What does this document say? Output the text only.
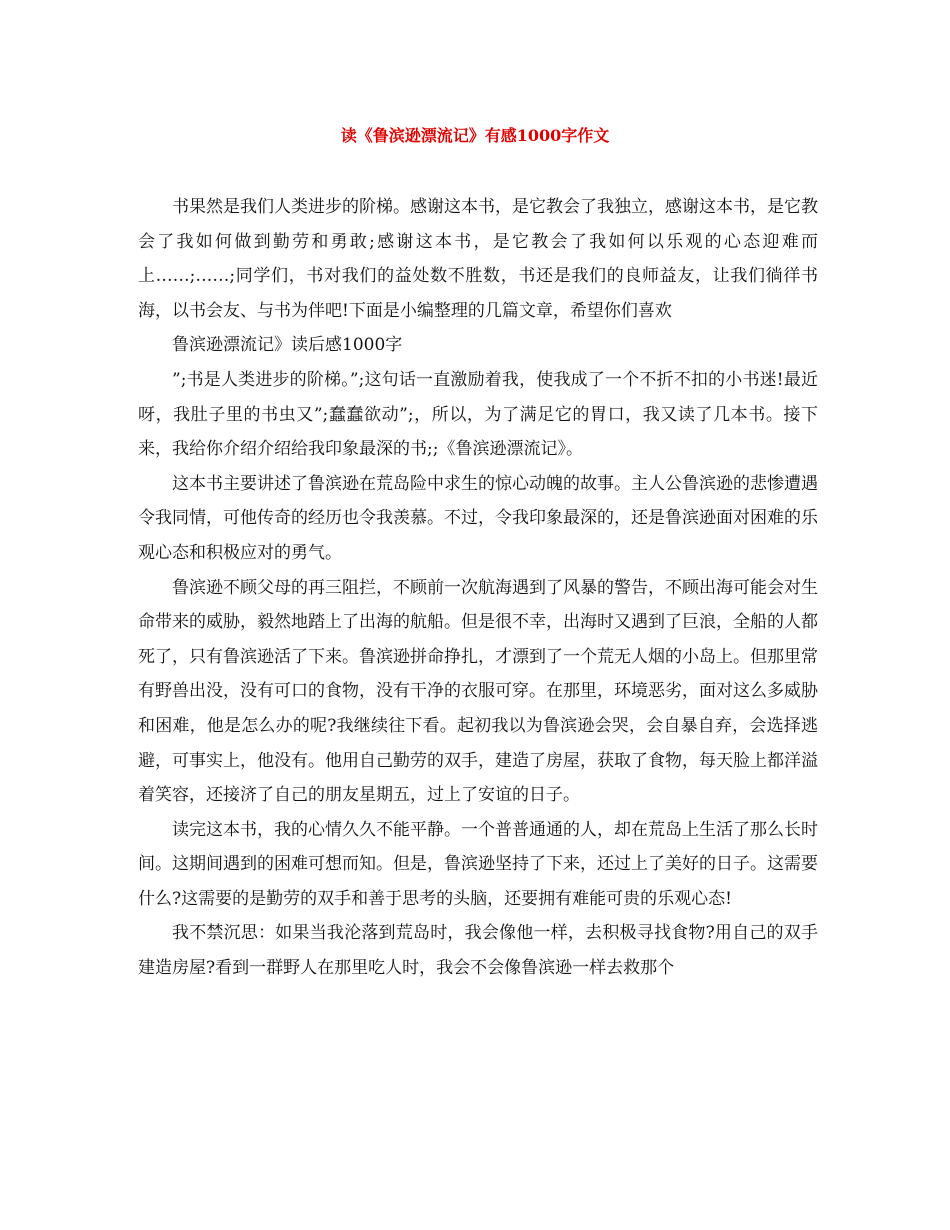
读《鲁滨逊漂流记》有感1000字作文

书果然是我们人类进步的阶梯。感谢这本书，是它教会了我独立，感谢这本书，是它教会了我如何做到勤劳和勇敢;感谢这本书，是它教会了我如何以乐观的心态迎难而上……;……;同学们，书对我们的益处数不胜数，书还是我们的良师益友，让我们徜徉书海，以书会友、与书为伴吧!下面是小编整理的几篇文章，希望你们喜欢

鲁滨逊漂流记》读后感1000字

”;书是人类进步的阶梯。”;这句话一直激励着我，使我成了一个不折不扣的小书迷!最近呀，我肚子里的书虫又”;蠢蠢欲动”;，所以，为了满足它的胃口，我又读了几本书。接下来，我给你介绍介绍给我印象最深的书;;《鲁滨逊漂流记》。

这本书主要讲述了鲁滨逊在荒岛险中求生的惊心动魄的故事。主人公鲁滨逊的悲惨遭遇令我同情，可他传奇的经历也令我羡慕。不过，令我印象最深的，还是鲁滨逊面对困难的乐观心态和积极应对的勇气。

鲁滨逊不顾父母的再三阻拦，不顾前一次航海遇到了风暴的警告，不顾出海可能会对生命带来的威胁，毅然地踏上了出海的航船。但是很不幸，出海时又遇到了巨浪，全船的人都死了，只有鲁滨逊活了下来。鲁滨逊拼命挣扎，才漂到了一个荒无人烟的小岛上。但那里常有野兽出没，没有可口的食物，没有干净的衣服可穿。在那里，环境恶劣，面对这么多威胁和困难，他是怎么办的呢?我继续往下看。起初我以为鲁滨逊会哭，会自暴自弃，会选择逃避，可事实上，他没有。他用自己勤劳的双手，建造了房屋，获取了食物，每天脸上都洋溢着笑容，还接济了自己的朋友星期五，过上了安谊的日子。

读完这本书，我的心情久久不能平静。一个普普通通的人，却在荒岛上生活了那么长时间。这期间遇到的困难可想而知。但是，鲁滨逊坚持了下来，还过上了美好的日子。这需要什么?这需要的是勤劳的双手和善于思考的头脑，还要拥有难能可贵的乐观心态!

我不禁沉思：如果当我沦落到荒岛时，我会像他一样，去积极寻找食物?用自己的双手建造房屋?看到一群野人在那里吃人时，我会不会像鲁滨逊一样去救那个
